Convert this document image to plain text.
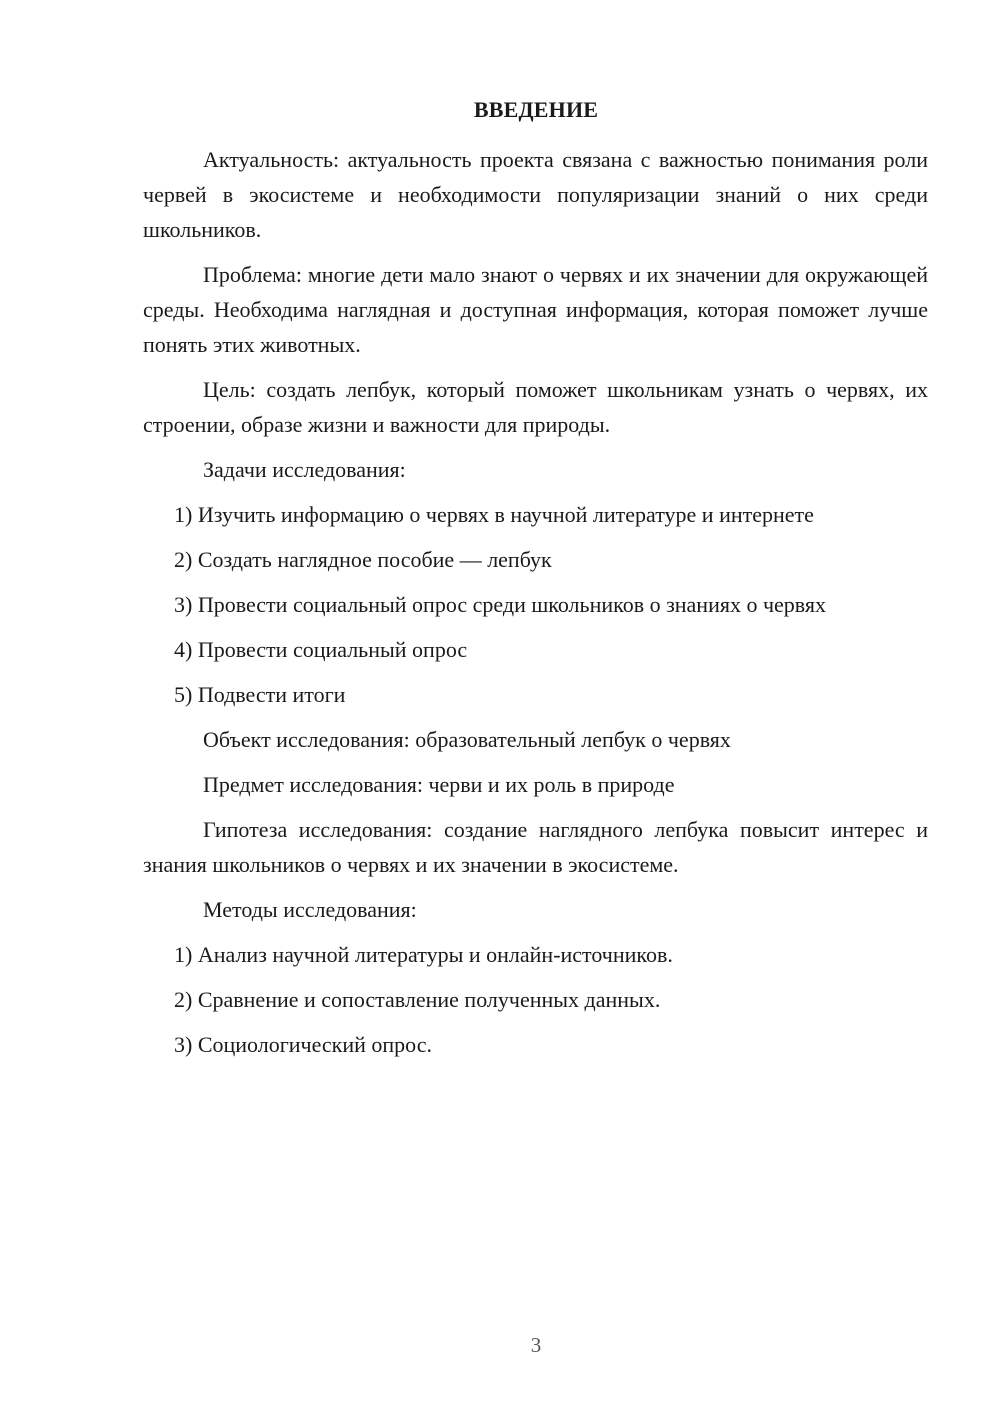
ВВЕДЕНИЕ

Актуальность: актуальность проекта связана с важностью понимания роли червей в экосистеме и необходимости популяризации знаний о них среди школьников.

Проблема: многие дети мало знают о червях и их значении для окружающей среды. Необходима наглядная и доступная информация, которая поможет лучше понять этих животных.

Цель: создать лепбук, который поможет школьникам узнать о червях, их строении, образе жизни и важности для природы.

Задачи исследования:

1) Изучить информацию о червях в научной литературе и интернете

2) Создать наглядное пособие — лепбук

3) Провести социальный опрос среди школьников о знаниях о червях

4) Провести социальный опрос

5) Подвести итоги

Объект исследования: образовательный лепбук о червях

Предмет исследования: черви и их роль в природе

Гипотеза исследования: создание наглядного лепбука повысит интерес и знания школьников о червях и их значении в экосистеме.

Методы исследования:

1) Анализ научной литературы и онлайн-источников.

2) Сравнение и сопоставление полученных данных.

3) Социологический опрос.

3
